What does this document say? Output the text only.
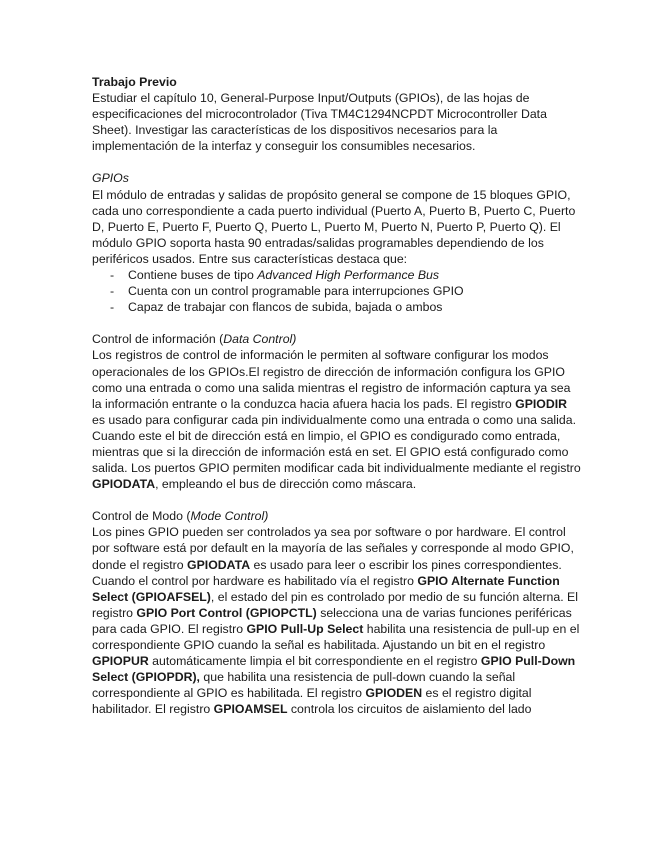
Trabajo Previo

Estudiar el capítulo 10, General-Purpose Input/Outputs (GPIOs), de las hojas de especificaciones del microcontrolador (Tiva TM4C1294NCPDT Microcontroller Data Sheet). Investigar las características de los dispositivos necesarios para la implementación de la interfaz y conseguir los consumibles necesarios.

GPIOs

El módulo de entradas y salidas de propósito general se compone de 15 bloques GPIO, cada uno correspondiente a cada puerto individual (Puerto A, Puerto B, Puerto C, Puerto D, Puerto E, Puerto F, Puerto Q, Puerto L, Puerto M, Puerto N, Puerto P, Puerto Q). El módulo GPIO soporta hasta 90 entradas/salidas programables dependiendo de los periféricos usados. Entre sus características destaca que:

- Contiene buses de tipo Advanced High Performance Bus
- Cuenta con un control programable para interrupciones GPIO
- Capaz de trabajar con flancos de subida, bajada o ambos

Control de información (Data Control)

Los registros de control de información le permiten al software configurar los modos operacionales de los GPIOs.El registro de dirección de información configura los GPIO como una entrada o como una salida mientras el registro de información captura ya sea la información entrante o la conduzca hacia afuera hacia los pads. El registro GPIODIR es usado para configurar cada pin individualmente como una entrada o como una salida. Cuando este el bit de dirección está en limpio, el GPIO es condigurado como entrada, mientras que si la dirección de información está en set. El GPIO está configurado como salida. Los puertos GPIO permiten modificar cada bit individualmente mediante el registro GPIODATA, empleando el bus de dirección como máscara.

Control de Modo (Mode Control)

Los pines GPIO pueden ser controlados ya sea por software o por hardware. El control por software está por default en la mayoría de las señales y corresponde al modo GPIO, donde el registro GPIODATA es usado para leer o escribir los pines correspondientes. Cuando el control por hardware es habilitado vía el registro GPIO Alternate Function Select (GPIOAFSEL), el estado del pin es controlado por medio de su función alterna. El registro GPIO Port Control (GPIOPCTL) selecciona una de varias funciones periféricas para cada GPIO. El registro GPIO Pull-Up Select habilita una resistencia de pull-up en el correspondiente GPIO cuando la señal es habilitada. Ajustando un bit en el registro GPIOPUR automáticamente limpia el bit correspondiente en el registro GPIO Pull-Down Select (GPIOPDR), que habilita una resistencia de pull-down cuando la señal correspondiente al GPIO es habilitada. El registro GPIODEN es el registro digital habilitador. El registro GPIOAMSEL controla los circuitos de aislamiento del lado
